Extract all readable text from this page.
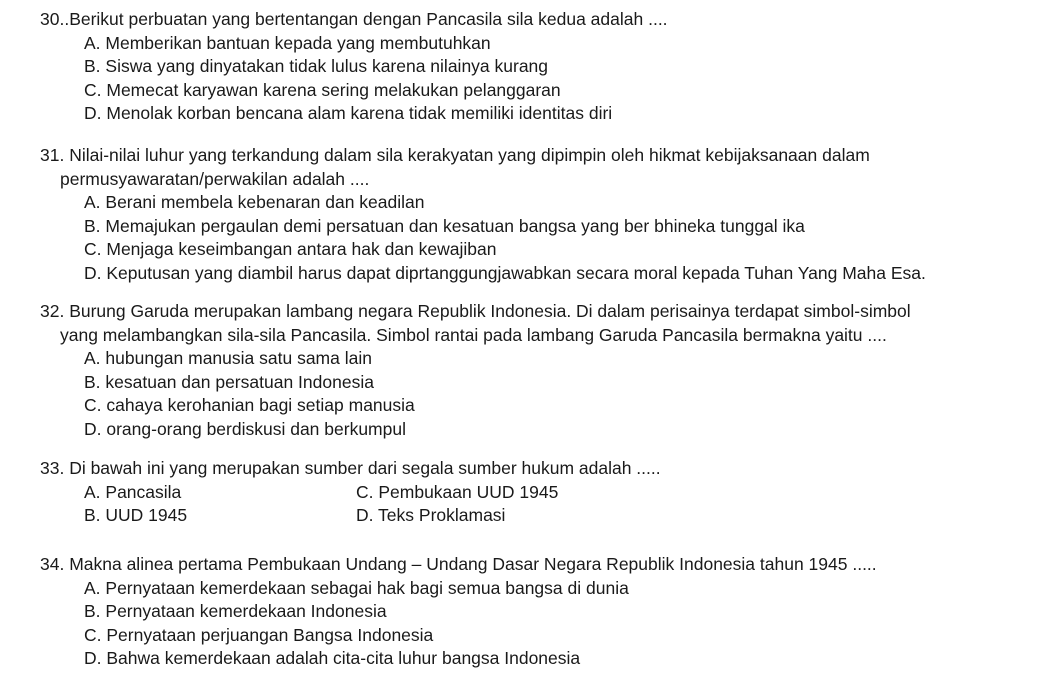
30..Berikut perbuatan yang bertentangan dengan Pancasila sila kedua adalah ....
A. Memberikan bantuan kepada yang membutuhkan
B. Siswa yang dinyatakan tidak lulus karena nilainya kurang
C. Memecat karyawan karena sering melakukan pelanggaran
D. Menolak korban bencana alam karena tidak memiliki identitas diri
31. Nilai-nilai luhur yang terkandung dalam sila kerakyatan yang dipimpin oleh hikmat kebijaksanaan dalam
permusyawaratan/perwakilan adalah ....
A. Berani membela kebenaran dan keadilan
B. Memajukan pergaulan demi persatuan dan kesatuan bangsa yang ber bhineka tunggal ika
C. Menjaga keseimbangan antara hak dan kewajiban
D. Keputusan yang diambil harus dapat diprtanggungjawabkan secara moral kepada Tuhan Yang Maha Esa.
32. Burung Garuda merupakan lambang negara Republik Indonesia. Di dalam perisainya terdapat simbol-simbol
yang melambangkan sila-sila Pancasila. Simbol rantai pada lambang Garuda Pancasila bermakna yaitu ....
A. hubungan manusia satu sama lain
B. kesatuan dan persatuan Indonesia
C. cahaya kerohanian bagi setiap manusia
D. orang-orang berdiskusi dan berkumpul
33. Di bawah ini yang merupakan sumber dari segala sumber hukum adalah .....
A. Pancasila	C. Pembukaan UUD 1945
B. UUD 1945	D. Teks Proklamasi
34. Makna alinea pertama Pembukaan Undang – Undang Dasar Negara Republik Indonesia tahun 1945 .....
A. Pernyataan kemerdekaan sebagai hak bagi semua bangsa di dunia
B. Pernyataan kemerdekaan Indonesia
C. Pernyataan perjuangan Bangsa Indonesia
D. Bahwa kemerdekaan adalah cita-cita luhur bangsa Indonesia
